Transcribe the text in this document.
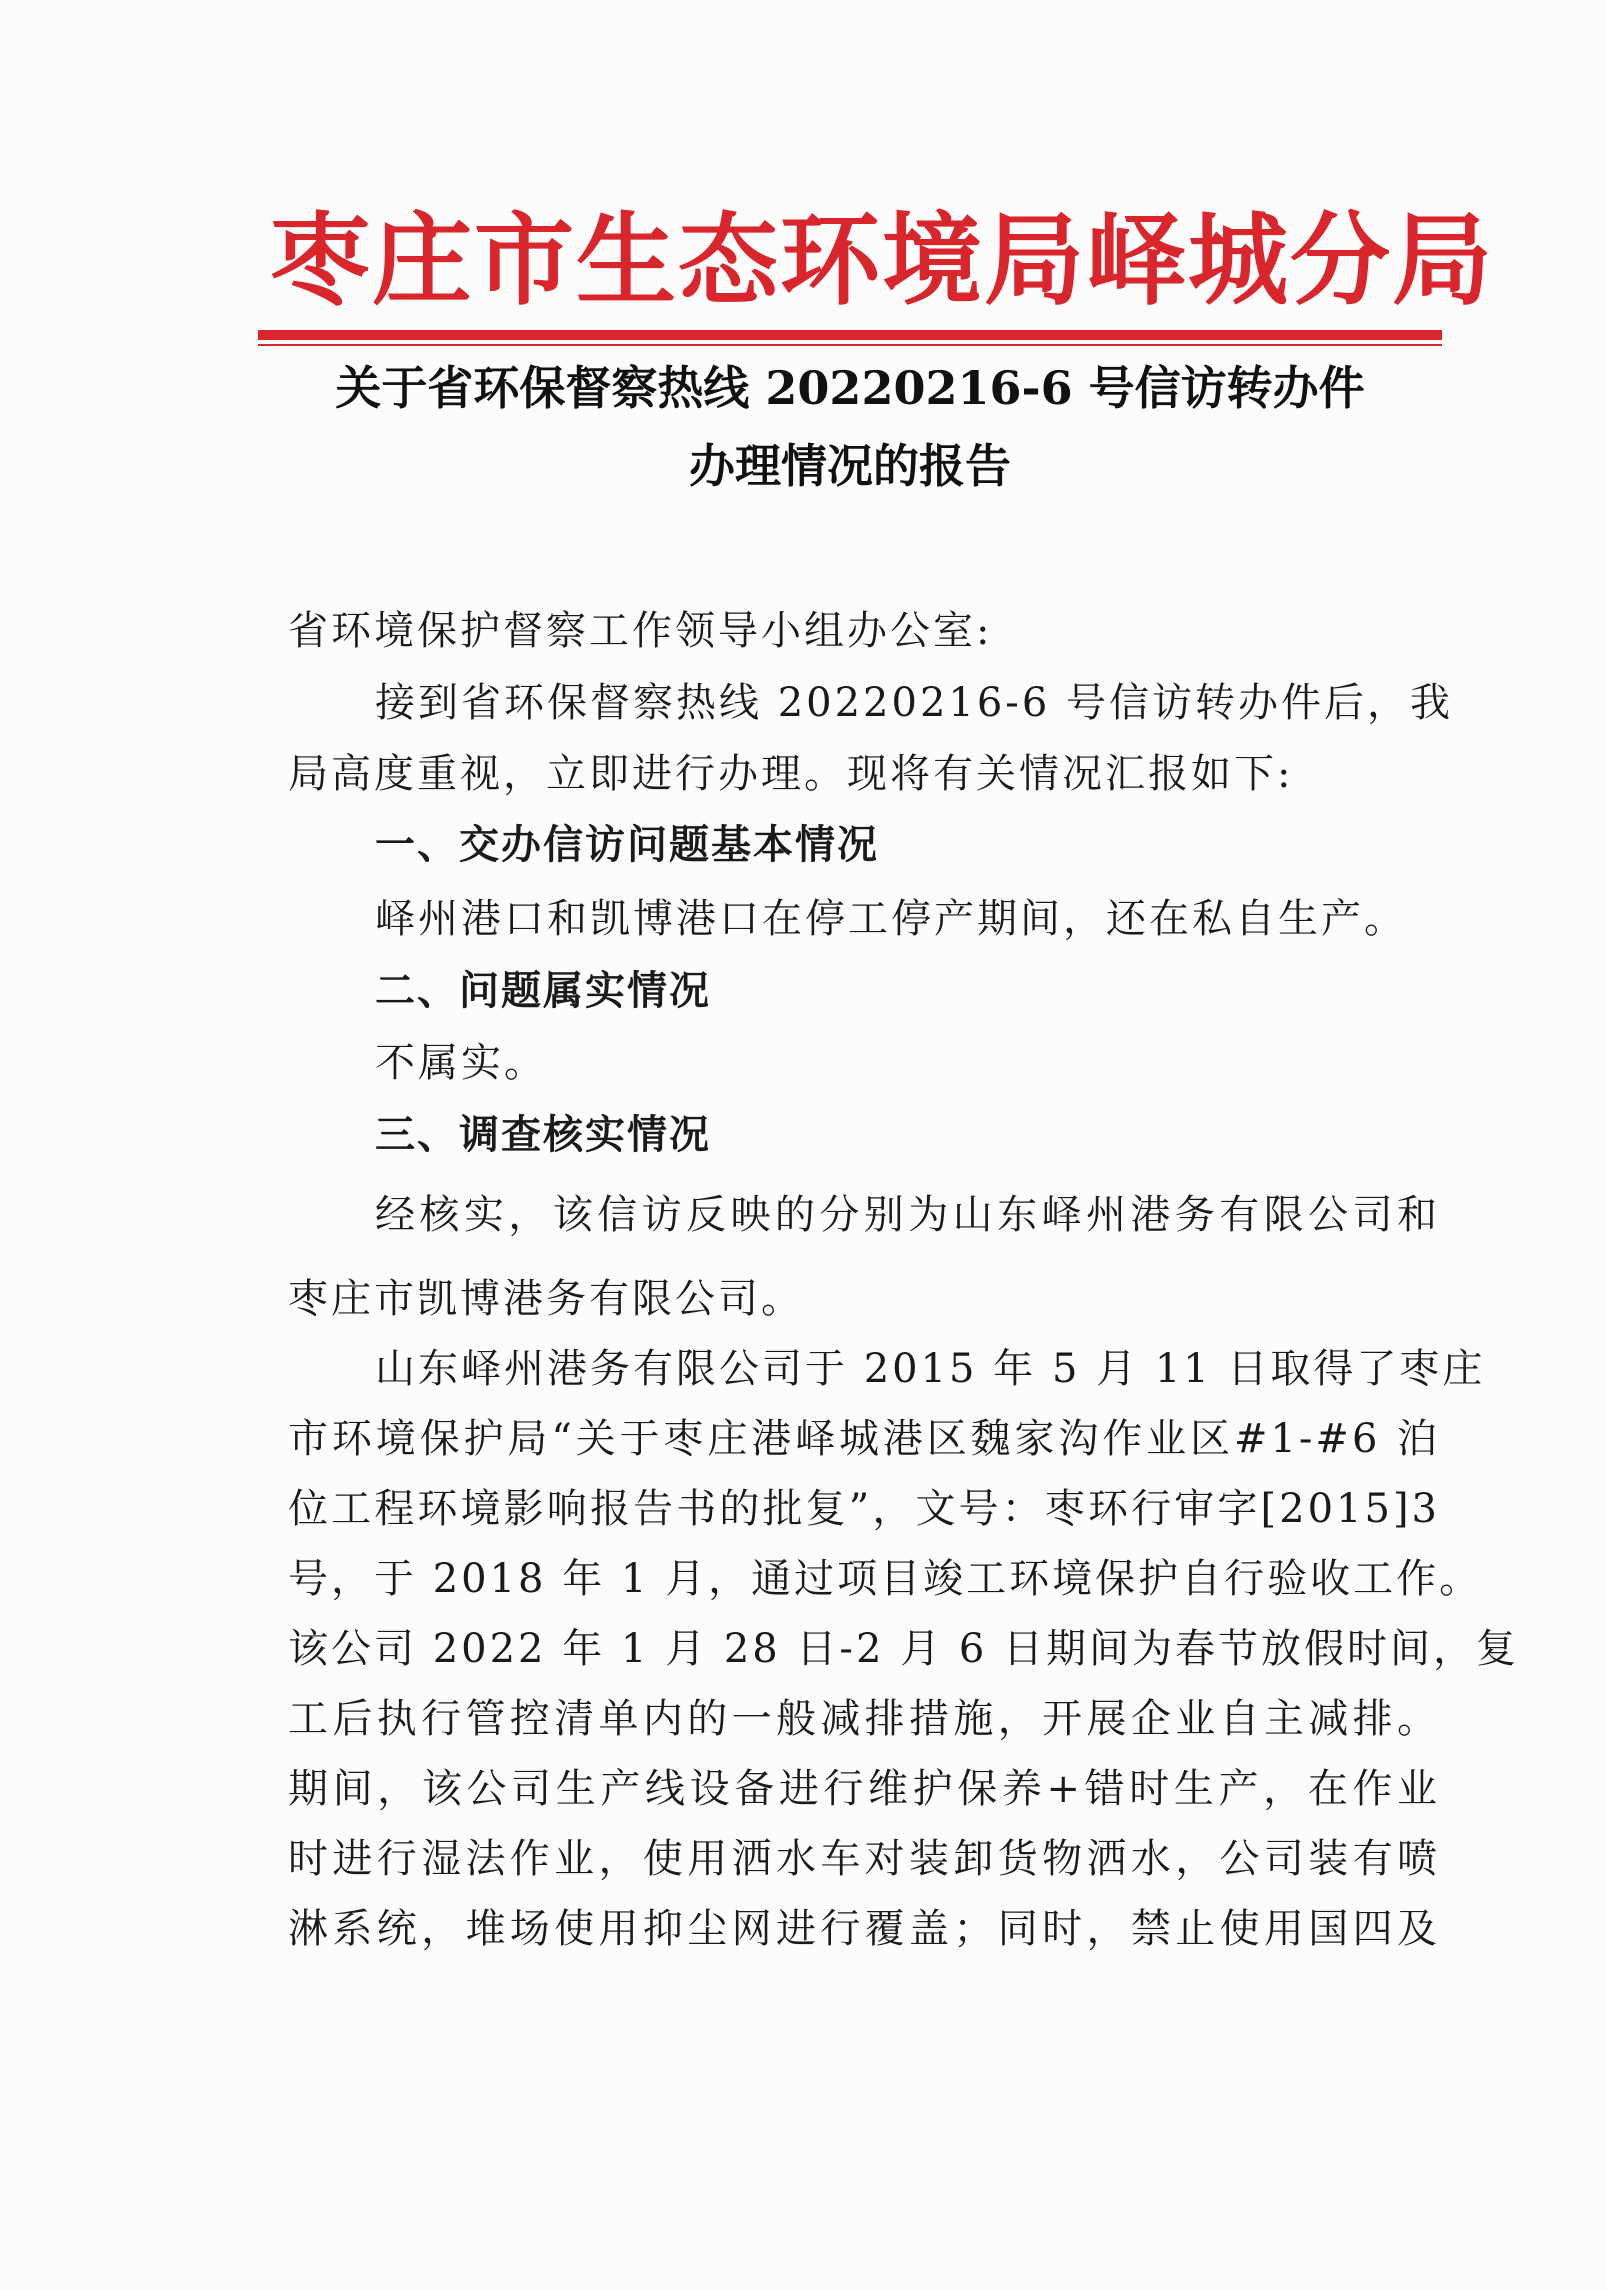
枣庄市生态环境局峄城分局
关于省环保督察热线 20220216-6 号信访转办件
办理情况的报告
省环境保护督察工作领导小组办公室:
接到省环保督察热线 20220216-6 号信访转办件后，我
局高度重视，立即进行办理。现将有关情况汇报如下:
一、交办信访问题基本情况
峄州港口和凯博港口在停工停产期间，还在私自生产。
二、问题属实情况
不属实。
三、调查核实情况
经核实，该信访反映的分别为山东峄州港务有限公司和
枣庄市凯博港务有限公司。
山东峄州港务有限公司于 2015 年 5 月 11 日取得了枣庄
市环境保护局“关于枣庄港峄城港区魏家沟作业区#1-#6 泊
位工程环境影响报告书的批复”，文号：枣环行审字[2015]3
号，于 2018 年 1 月，通过项目竣工环境保护自行验收工作。
该公司 2022 年 1 月 28 日-2 月 6 日期间为春节放假时间，复
工后执行管控清单内的一般减排措施，开展企业自主减排。
期间，该公司生产线设备进行维护保养+错时生产，在作业
时进行湿法作业，使用洒水车对装卸货物洒水，公司装有喷
淋系统，堆场使用抑尘网进行覆盖；同时，禁止使用国四及
